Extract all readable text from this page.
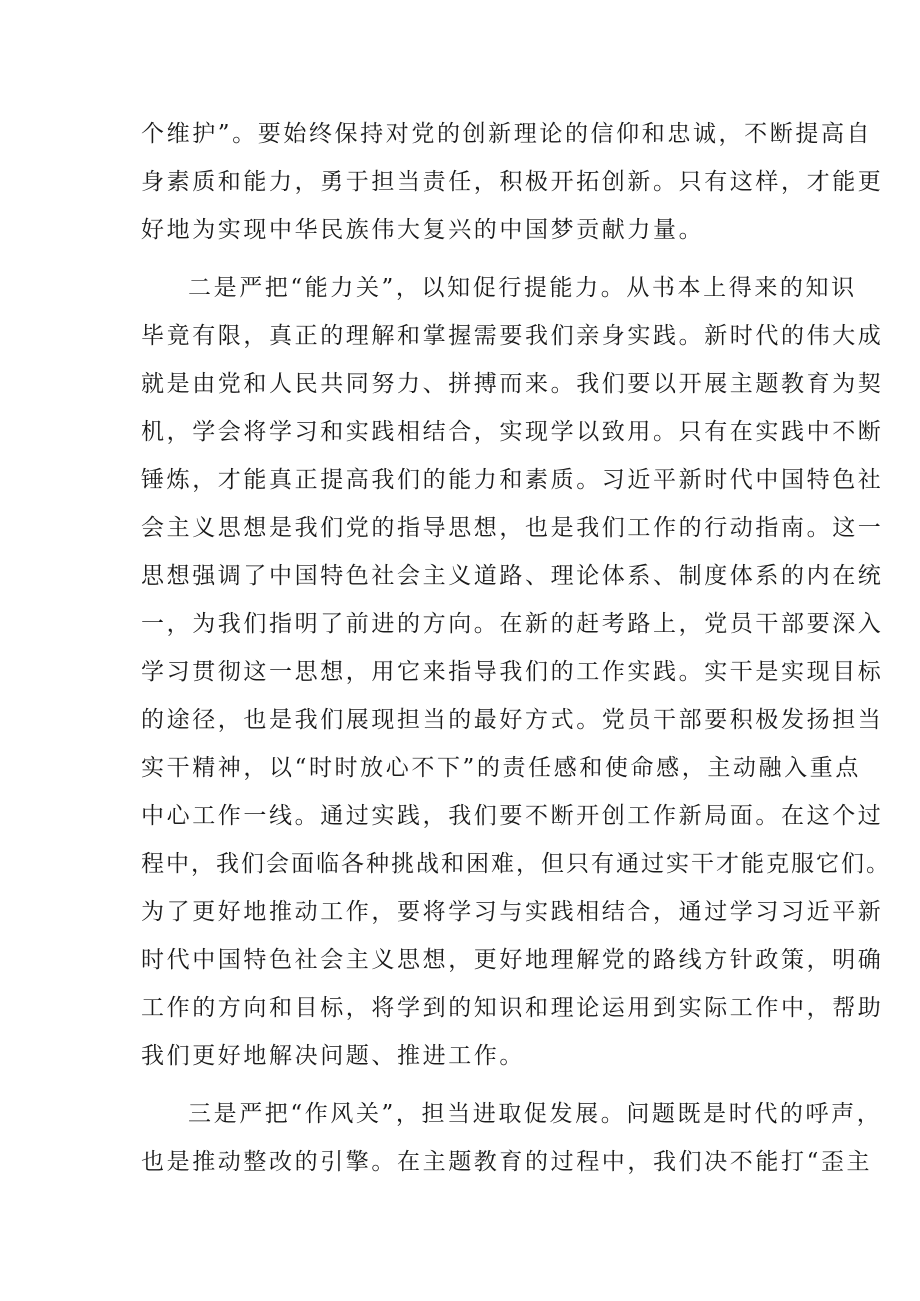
个维护”。要始终保持对党的创新理论的信仰和忠诚，不断提高自
身素质和能力，勇于担当责任，积极开拓创新。只有这样，才能更
好地为实现中华民族伟大复兴的中国梦贡献力量。
二是严把“能力关”，以知促行提能力。从书本上得来的知识
毕竟有限，真正的理解和掌握需要我们亲身实践。新时代的伟大成
就是由党和人民共同努力、拼搏而来。我们要以开展主题教育为契
机，学会将学习和实践相结合，实现学以致用。只有在实践中不断
锤炼，才能真正提高我们的能力和素质。习近平新时代中国特色社
会主义思想是我们党的指导思想，也是我们工作的行动指南。这一
思想强调了中国特色社会主义道路、理论体系、制度体系的内在统
一，为我们指明了前进的方向。在新的赶考路上，党员干部要深入
学习贯彻这一思想，用它来指导我们的工作实践。实干是实现目标
的途径，也是我们展现担当的最好方式。党员干部要积极发扬担当
实干精神，以“时时放心不下”的责任感和使命感，主动融入重点
中心工作一线。通过实践，我们要不断开创工作新局面。在这个过
程中，我们会面临各种挑战和困难，但只有通过实干才能克服它们。
为了更好地推动工作，要将学习与实践相结合，通过学习习近平新
时代中国特色社会主义思想，更好地理解党的路线方针政策，明确
工作的方向和目标，将学到的知识和理论运用到实际工作中，帮助
我们更好地解决问题、推进工作。
三是严把“作风关”，担当进取促发展。问题既是时代的呼声，
也是推动整改的引擎。在主题教育的过程中，我们决不能打“歪主
